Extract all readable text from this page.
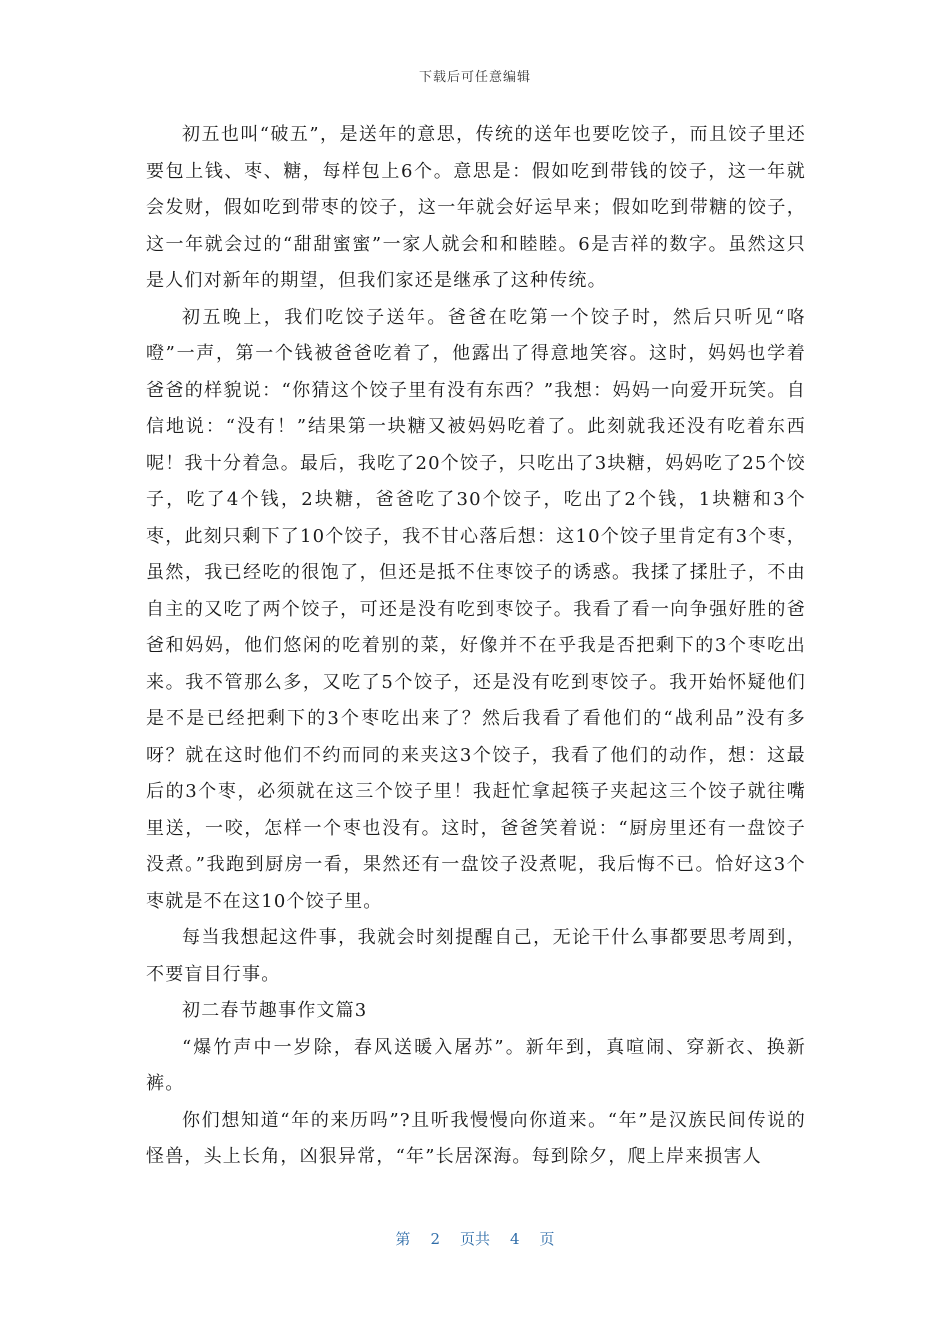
下载后可任意编辑

初五也叫“破五”，是送年的意思，传统的送年也要吃饺子，而且饺子里还要包上钱、枣、糖，每样包上6个。意思是：假如吃到带钱的饺子，这一年就会发财，假如吃到带枣的饺子，这一年就会好运早来；假如吃到带糖的饺子，这一年就会过的“甜甜蜜蜜”一家人就会和和睦睦。6是吉祥的数字。虽然这只是人们对新年的期望，但我们家还是继承了这种传统。

初五晚上，我们吃饺子送年。爸爸在吃第一个饺子时，然后只听见“咯噔”一声，第一个钱被爸爸吃着了，他露出了得意地笑容。这时，妈妈也学着爸爸的样貌说：“你猜这个饺子里有没有东西？”我想：妈妈一向爱开玩笑。自信地说：“没有！”结果第一块糖又被妈妈吃着了。此刻就我还没有吃着东西呢！我十分着急。最后，我吃了20个饺子，只吃出了3块糖，妈妈吃了25个饺子，吃了4个钱，2块糖，爸爸吃了30个饺子，吃出了2个钱，1块糖和3个枣，此刻只剩下了10个饺子，我不甘心落后想：这10个饺子里肯定有3个枣，虽然，我已经吃的很饱了，但还是抵不住枣饺子的诱惑。我揉了揉肚子，不由自主的又吃了两个饺子，可还是没有吃到枣饺子。我看了看一向争强好胜的爸爸和妈妈，他们悠闲的吃着别的菜，好像并不在乎我是否把剩下的3个枣吃出来。我不管那么多，又吃了5个饺子，还是没有吃到枣饺子。我开始怀疑他们是不是已经把剩下的3个枣吃出来了？然后我看了看他们的“战利品”没有多呀？就在这时他们不约而同的来夹这3个饺子，我看了他们的动作，想：这最后的3个枣，必须就在这三个饺子里！我赶忙拿起筷子夹起这三个饺子就往嘴里送，一咬，怎样一个枣也没有。这时，爸爸笑着说：“厨房里还有一盘饺子没煮。”我跑到厨房一看，果然还有一盘饺子没煮呢，我后悔不已。恰好这3个枣就是不在这10个饺子里。

每当我想起这件事，我就会时刻提醒自己，无论干什么事都要思考周到，不要盲目行事。

初二春节趣事作文篇3

“爆竹声中一岁除，春风送暖入屠苏”。新年到，真喧闹、穿新衣、换新裤。

你们想知道“年的来历吗”?且听我慢慢向你道来。“年”是汉族民间传说的怪兽，头上长角，凶狠异常，“年”长居深海。每到除夕，爬上岸来损害人

第 2 页共 4 页
